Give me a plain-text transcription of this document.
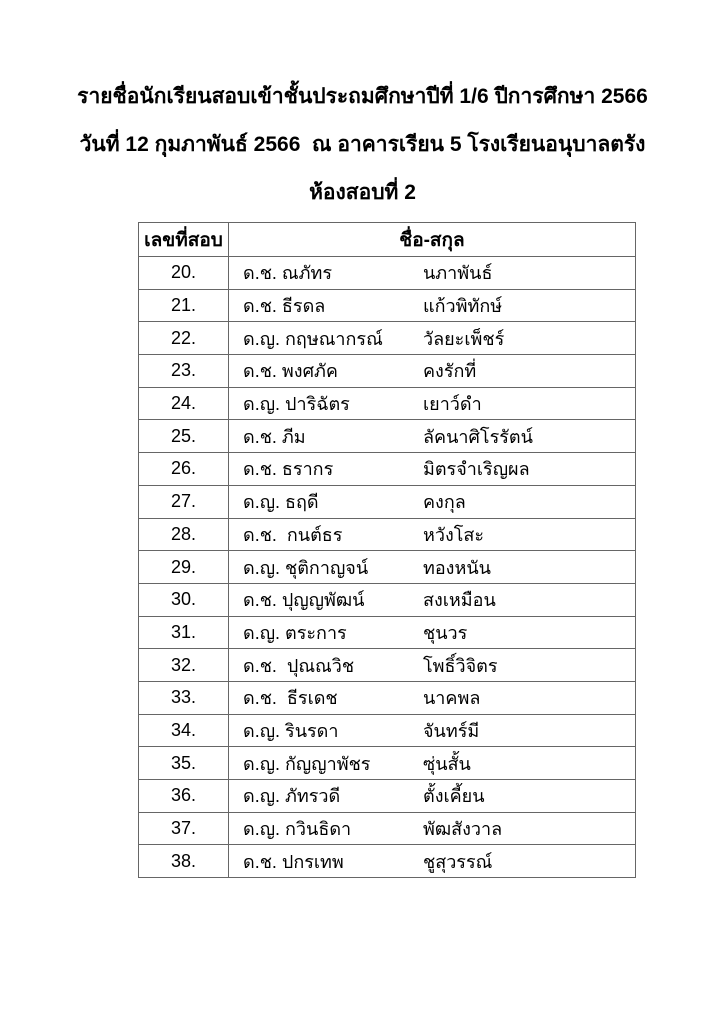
รายชื่อนักเรียนสอบเข้าชั้นประถมศึกษาปีที่ 1/6 ปีการศึกษา 2566
วันที่ 12 กุมภาพันธ์ 2566  ณ อาคารเรียน 5 โรงเรียนอนุบาลตรัง
ห้องสอบที่ 2
เลขที่สอบ	ชื่อ-สกุล
20.	ด.ช. ณภัทร นภาพันธ์
21.	ด.ช. ธีรดล แก้วพิทักษ์
22.	ด.ญ. กฤษณากรณ์ วัลยะเพ็ชร์
23.	ด.ช. พงศภัค คงรักที่
24.	ด.ญ. ปาริฉัตร เยาว์ดำ
25.	ด.ช. ภีม ลัคนาศิโรรัตน์
26.	ด.ช. ธรากร มิตรจำเริญผล
27.	ด.ญ. ธฤดี คงกุล
28.	ด.ช.  กนต์ธร หวังโสะ
29.	ด.ญ. ชุติกาญจน์ ทองหนัน
30.	ด.ช. ปุญญพัฒน์ สงเหมือน
31.	ด.ญ. ตระการ ชุนวร
32.	ด.ช.  ปุณณวิช โพธิ์วิจิตร
33.	ด.ช.  ธีรเดช นาคพล
34.	ด.ญ. รินรดา จันทร์มี
35.	ด.ญ. กัญญาพัชร ซุ่นสั้น
36.	ด.ญ. ภัทรวดี ตั้งเคี้ยน
37.	ด.ญ. กวินธิดา พัฒสังวาล
38.	ด.ช. ปกรเทพ ชูสุวรรณ์
